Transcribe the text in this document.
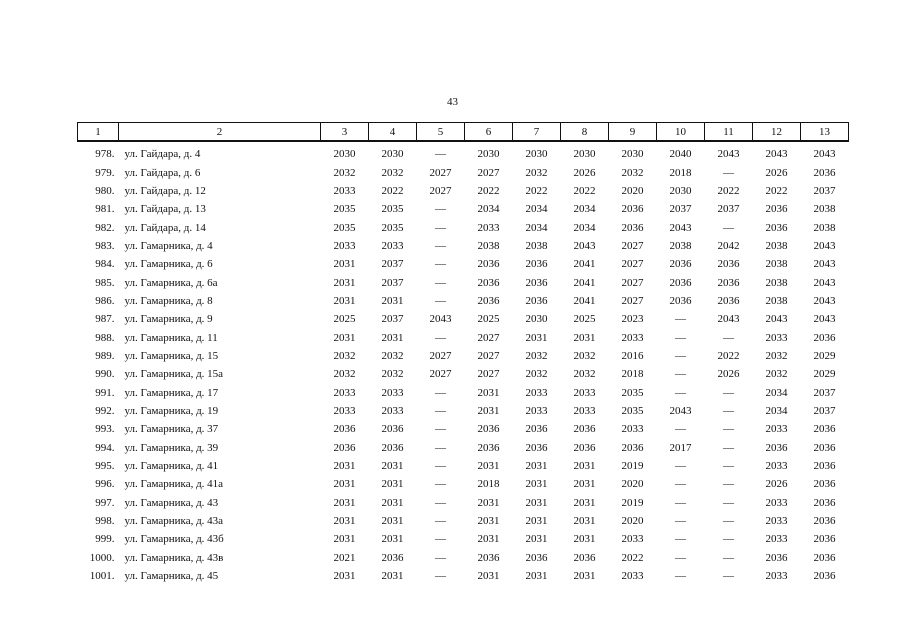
43
1	2	3	4	5	6	7	8	9	10	11	12	13
978.	ул. Гайдара, д. 4	2030	2030	—	2030	2030	2030	2030	2040	2043	2043	2043
979.	ул. Гайдара, д. 6	2032	2032	2027	2027	2032	2026	2032	2018	—	2026	2036
980.	ул. Гайдара, д. 12	2033	2022	2027	2022	2022	2022	2020	2030	2022	2022	2037
981.	ул. Гайдара, д. 13	2035	2035	—	2034	2034	2034	2036	2037	2037	2036	2038
982.	ул. Гайдара, д. 14	2035	2035	—	2033	2034	2034	2036	2043	—	2036	2038
983.	ул. Гамарника, д. 4	2033	2033	—	2038	2038	2043	2027	2038	2042	2038	2043
984.	ул. Гамарника, д. 6	2031	2037	—	2036	2036	2041	2027	2036	2036	2038	2043
985.	ул. Гамарника, д. 6а	2031	2037	—	2036	2036	2041	2027	2036	2036	2038	2043
986.	ул. Гамарника, д. 8	2031	2031	—	2036	2036	2041	2027	2036	2036	2038	2043
987.	ул. Гамарника, д. 9	2025	2037	2043	2025	2030	2025	2023	—	2043	2043	2043
988.	ул. Гамарника, д. 11	2031	2031	—	2027	2031	2031	2033	—	—	2033	2036
989.	ул. Гамарника, д. 15	2032	2032	2027	2027	2032	2032	2016	—	2022	2032	2029
990.	ул. Гамарника, д. 15а	2032	2032	2027	2027	2032	2032	2018	—	2026	2032	2029
991.	ул. Гамарника, д. 17	2033	2033	—	2031	2033	2033	2035	—	—	2034	2037
992.	ул. Гамарника, д. 19	2033	2033	—	2031	2033	2033	2035	2043	—	2034	2037
993.	ул. Гамарника, д. 37	2036	2036	—	2036	2036	2036	2033	—	—	2033	2036
994.	ул. Гамарника, д. 39	2036	2036	—	2036	2036	2036	2036	2017	—	2036	2036
995.	ул. Гамарника, д. 41	2031	2031	—	2031	2031	2031	2019	—	—	2033	2036
996.	ул. Гамарника, д. 41а	2031	2031	—	2018	2031	2031	2020	—	—	2026	2036
997.	ул. Гамарника, д. 43	2031	2031	—	2031	2031	2031	2019	—	—	2033	2036
998.	ул. Гамарника, д. 43а	2031	2031	—	2031	2031	2031	2020	—	—	2033	2036
999.	ул. Гамарника, д. 43б	2031	2031	—	2031	2031	2031	2033	—	—	2033	2036
1000.	ул. Гамарника, д. 43в	2021	2036	—	2036	2036	2036	2022	—	—	2036	2036
1001.	ул. Гамарника, д. 45	2031	2031	—	2031	2031	2031	2033	—	—	2033	2036
